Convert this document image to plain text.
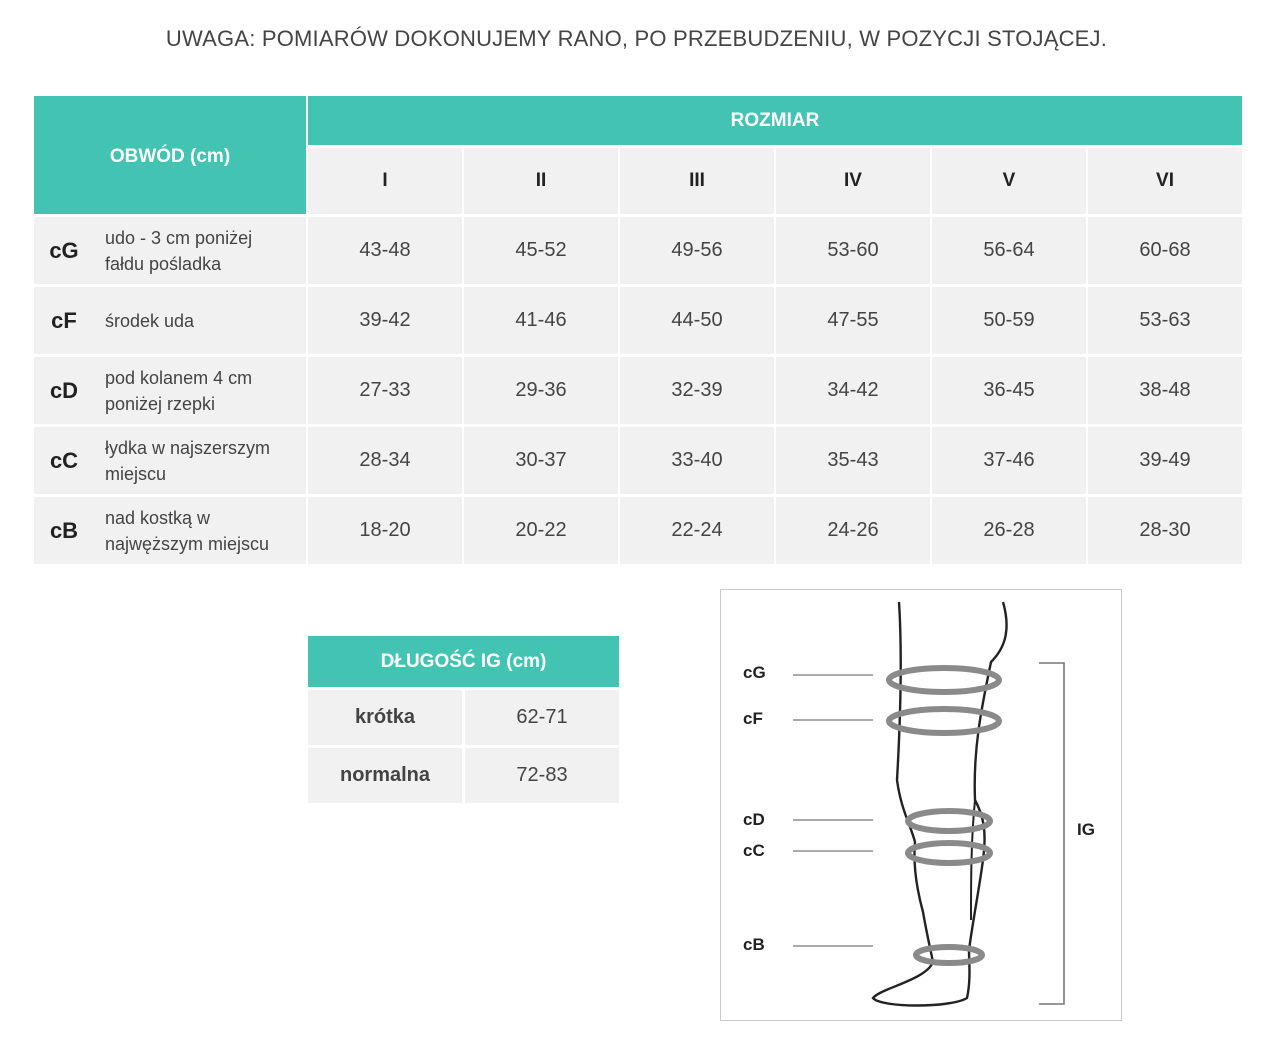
UWAGA: POMIARÓW DOKONUJEMY RANO, PO PRZEBUDZENIU, W POZYCJI STOJĄCEJ.
OBWÓD (cm)
ROZMIAR
I	II	III	IV	V	VI
cG	udo - 3 cm poniżej
fałdu pośladka
43-48	45-52	49-56	53-60	56-64	60-68
cF	środek uda	39-42	41-46	44-50	47-55	50-59	53-63
cD	pod kolanem 4 cm
poniżej rzepki
27-33	29-36	32-39	34-42	36-45	38-48
cC	łydka w najszerszym
miejscu
28-34	30-37	33-40	35-43	37-46	39-49
cB	nad kostką w
najwęższym miejscu
18-20	20-22	22-24	24-26	26-28	28-30
DŁUGOŚĆ IG (cm)
krótka	62-71
normalna	72-83
cG
cF
cD
cC
cB
IG
